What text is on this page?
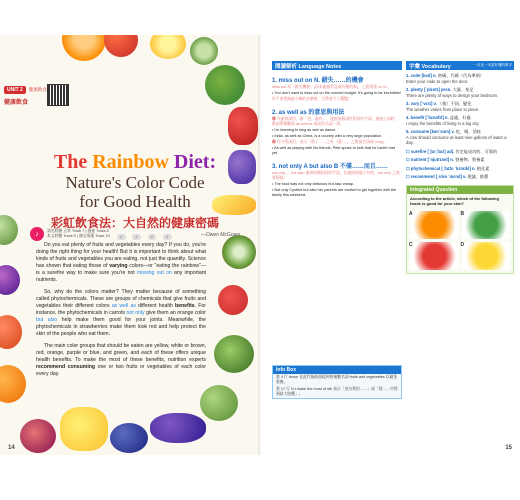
UNIT 2	健康飲食
健康飲食
The Rainbow Diet:
Nature's Color Code
for Good Health
彩虹飲食法：大自然的健康密碼
—Owen McGown
♪	請先聆聽 正常 Track 7 | 慢速 Track 8
本文聆聽 Track 9 | 課文導讀 Track 10	✓	✓	✓	✓

Do you eat plenty of fruits and vegetables every day? If you do, you're doing the right thing for your health! But it is important to think about what kinds of fruits and vegetables you are eating, not just the quantity. Science has shown that eating those of varying colors—or "eating the rainbow"—is a surefire way to make sure you're not missing out on any important nutrients.

So, why do the colors matter? They matter because of something called phytochemicals. These are groups of chemicals that give fruits and vegetables their different colors as well as different health benefits. For instance, the phytochemicals in carrots not only give them an orange color but also help make them good for your joints. Meanwhile, the phytochemicals in strawberries make them look red and help protect the skin of the people who eat them.

The main color groups that should be eaten are yellow, white or brown, red, orange, purple or blue, and green, and each of these offers unique health benefits. To make the most of these benefits, nutrition experts recommend consuming one or two fruits or vegetables of each color every day.

14
閱讀解析 Language Notes
1. miss out on N. 錯失……的機會
miss out 為「錯失機會」(而未能做有益或有趣的事)，之後常接 on N.。
• You don't want to miss out on the concert tonight. It's going to be incredible!
你不會想錯過今晚的音樂會，它將會令人驚豔！
2. as well as 的意思與用法
❶ 作連接詞用，指「也、還有」，連接兩個詞性相同的字詞，連接主詞時，動詞單複數與 as well as 前面的名詞一致。
• I'm learning to sing as well as dance.
• India, as well as China, is a country with a very large population.
❷ 作介系詞用，表示「除了……之外（還）」，之後接名詞或 V-ing。
• As well as playing with his friends, Pete spoke to kids that he hadn't met yet.
3. not only A but also B 不僅……而且……
not only … but also 連接結構相同的字詞，若連接兩個子句時，not only 之後要倒裝。
• The food was not only delicious but also cheap.
• Not only Cynthia but also her parents are excited to get together with the family this weekend.
字彙 Vocabulary	一本比一本更好懂的單字
1. code [kod] n. 密碼、代碼（代為準則）
Enter your code to open the door.
2. plenty [ˋplɛntɪ] pron. 大量、充足
There are plenty of ways to design your bedroom.
3. vary [ˋvɛrɪ] v. （使）不同、變化
The weather varies from place to place.
4. benefit [ˋbɛnəfɪt] n. 益處、好處
I enjoy the benefits of living in a big city.
5. consume [kənˋsum] v. 吃、喝、消耗
A cow should consume at least nine gallons of water a day.
☐ surefire [ˋʃʊr͵faɪr] adj. 肯定能成功的、可靠的
☐ nutrient [ˋnjutrɪənt] n. 營養物、營養素
☐ phytochemical [͵faɪto ˋkɛmɪkl] n. 植化素
☐ recommend [͵rɛkə ˋmɛnd] v. 建議、推薦
Integrated Question
According to the article, which of the following foods is good for your skin?
A	B
C	D
Info Box
第 4 行 those 在此代指前面提到的複數名詞 fruits and vegetables 以避免重複。
第 17 行 N.t make the most of sth 表示「充分利用……」或「從……中得到最大收穫」。
15
